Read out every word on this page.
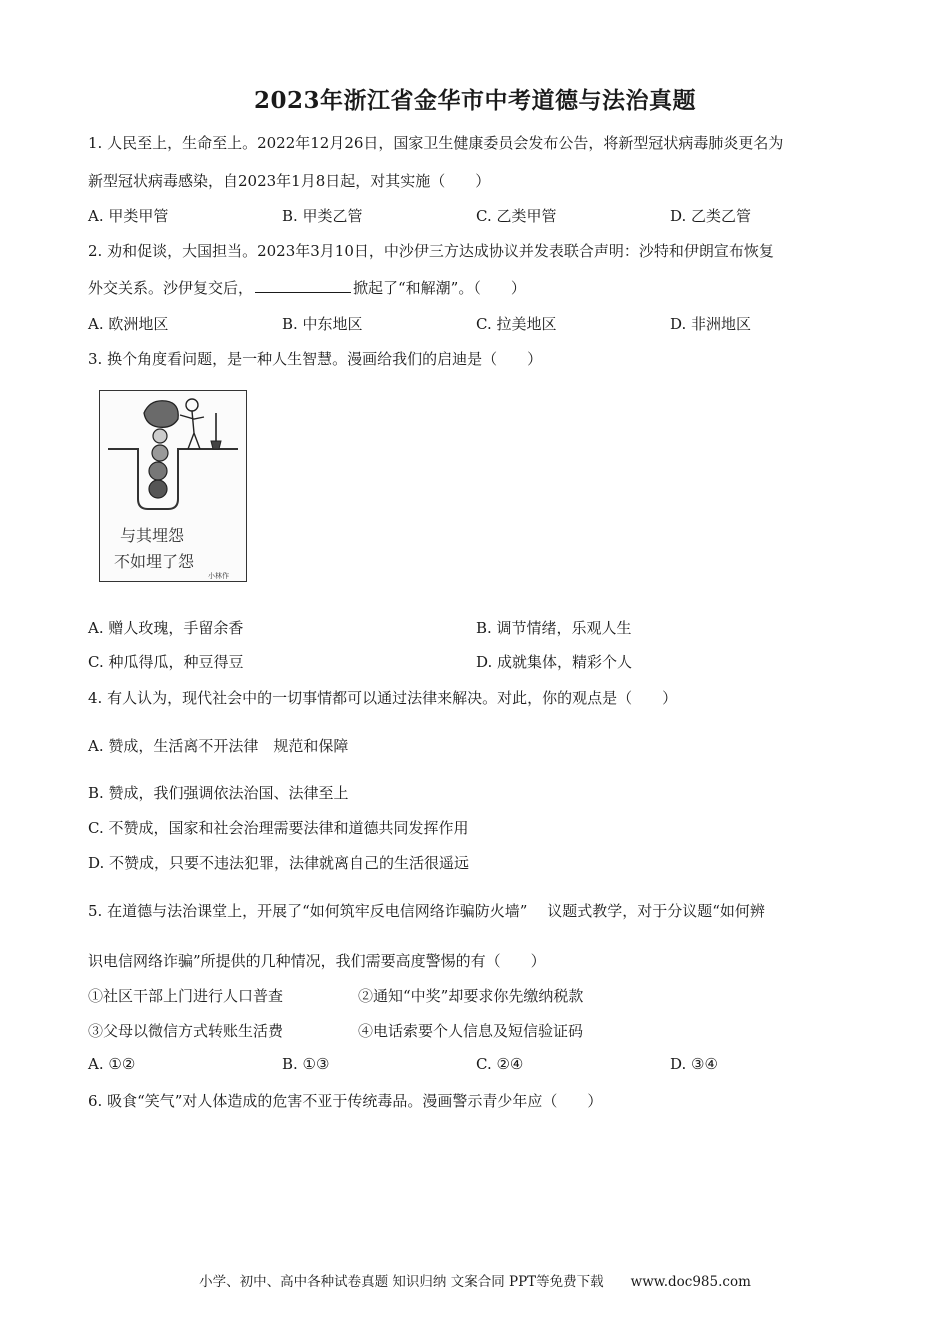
2023年浙江省金华市中考道德与法治真题
1. 人民至上，生命至上。2022年12月26日，国家卫生健康委员会发布公告，将新型冠状病毒肺炎更名为
新型冠状病毒感染，自2023年1月8日起，对其实施（　　）
A. 甲类甲管	B. 甲类乙管	C. 乙类甲管	D. 乙类乙管
2. 劝和促谈，大国担当。2023年3月10日，中沙伊三方达成协议并发表联合声明：沙特和伊朗宣布恢复
外交关系。沙伊复交后，	掀起了“和解潮”。（　　）
A. 欧洲地区	B. 中东地区	C. 拉美地区	D. 非洲地区
3. 换个角度看问题，是一种人生智慧。漫画给我们的启迪是（　　）
与其埋怨
不如埋了怨
小林作
A. 赠人玫瑰，手留余香	B. 调节情绪，乐观人生
C. 种瓜得瓜，种豆得豆	D. 成就集体，精彩个人
4. 有人认为，现代社会中的一切事情都可以通过法律来解决。对此，你的观点是（　　）
A. 赞成，生活离不开法律　规范和保障
B. 赞成，我们强调依法治国、法律至上
C. 不赞成，国家和社会治理需要法律和道德共同发挥作用
D. 不赞成，只要不违法犯罪，法律就离自己的生活很遥远
5. 在道德与法治课堂上，开展了“如何筑牢反电信网络诈骗防火墙”　 议题式教学，对于分议题“如何辨
识电信网络诈骗”所提供的几种情况，我们需要高度警惕的有（　　）
①社区干部上门进行人口普查	②通知“中奖”却要求你先缴纳税款
③父母以微信方式转账生活费	④电话索要个人信息及短信验证码
A. ①②	B. ①③	C. ②④	D. ③④
6. 吸食“笑气”对人体造成的危害不亚于传统毒品。漫画警示青少年应（　　）
小学、初中、高中各种试卷真题 知识归纳 文案合同 PPT等免费下载　　www.doc985.com
